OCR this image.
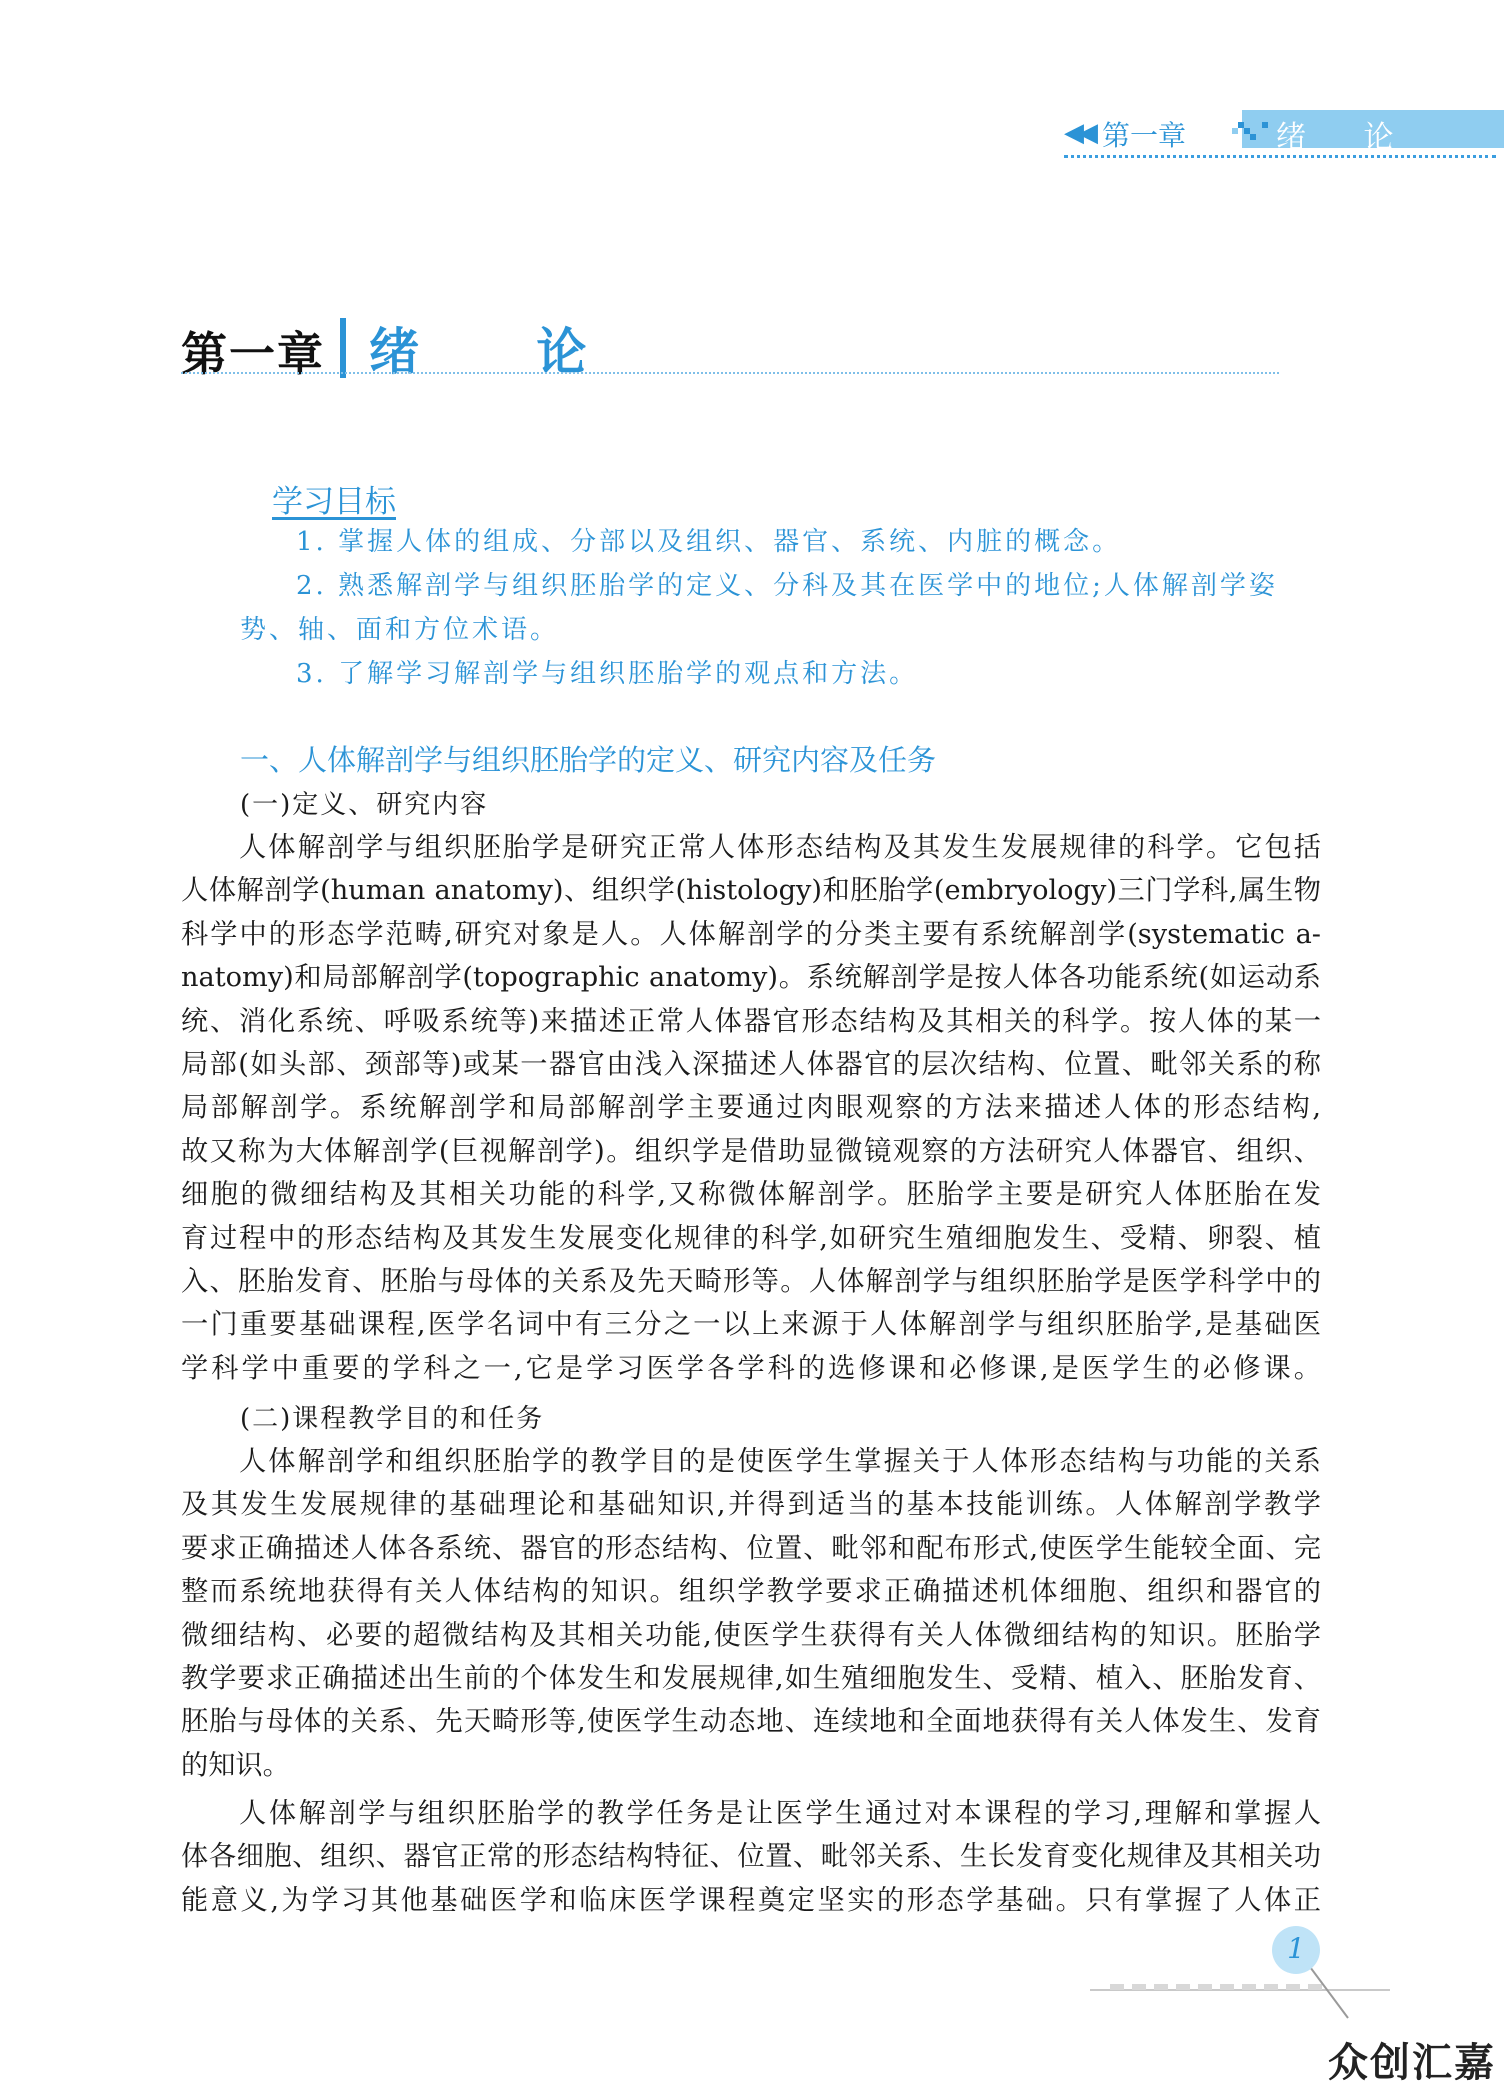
◀◀ 第一章	绪 论
第一章 绪 论
学习目标

1. 掌握人体的组成、分部以及组织、器官、系统、内脏的概念。

2. 熟悉解剖学与组织胚胎学的定义、分科及其在医学中的地位;人体解剖学姿势、轴、面和方位术语。

3. 了解学习解剖学与组织胚胎学的观点和方法。

一、人体解剖学与组织胚胎学的定义、研究内容及任务
(一)定义、研究内容
人体解剖学与组织胚胎学是研究正常人体形态结构及其发生发展规律的科学。它包括
人体解剖学(human anatomy)、组织学(histology)和胚胎学(embryology)三门学科,属生物
科学中的形态学范畴,研究对象是人。人体解剖学的分类主要有系统解剖学(systematic a-
natomy)和局部解剖学(topographic anatomy)。系统解剖学是按人体各功能系统(如运动系
统、消化系统、呼吸系统等)来描述正常人体器官形态结构及其相关的科学。按人体的某一
局部(如头部、颈部等)或某一器官由浅入深描述人体器官的层次结构、位置、毗邻关系的称
局部解剖学。系统解剖学和局部解剖学主要通过肉眼观察的方法来描述人体的形态结构,
故又称为大体解剖学(巨视解剖学)。组织学是借助显微镜观察的方法研究人体器官、组织、
细胞的微细结构及其相关功能的科学,又称微体解剖学。胚胎学主要是研究人体胚胎在发
育过程中的形态结构及其发生发展变化规律的科学,如研究生殖细胞发生、受精、卵裂、植
入、胚胎发育、胚胎与母体的关系及先天畸形等。人体解剖学与组织胚胎学是医学科学中的
一门重要基础课程,医学名词中有三分之一以上来源于人体解剖学与组织胚胎学,是基础医
学科学中重要的学科之一,它是学习医学各学科的选修课和必修课,是医学生的必修课。
(二)课程教学目的和任务
人体解剖学和组织胚胎学的教学目的是使医学生掌握关于人体形态结构与功能的关系
及其发生发展规律的基础理论和基础知识,并得到适当的基本技能训练。人体解剖学教学
要求正确描述人体各系统、器官的形态结构、位置、毗邻和配布形式,使医学生能较全面、完
整而系统地获得有关人体结构的知识。组织学教学要求正确描述机体细胞、组织和器官的
微细结构、必要的超微结构及其相关功能,使医学生获得有关人体微细结构的知识。胚胎学
教学要求正确描述出生前的个体发生和发展规律,如生殖细胞发生、受精、植入、胚胎发育、
胚胎与母体的关系、先天畸形等,使医学生动态地、连续地和全面地获得有关人体发生、发育
的知识。
人体解剖学与组织胚胎学的教学任务是让医学生通过对本课程的学习,理解和掌握人
体各细胞、组织、器官正常的形态结构特征、位置、毗邻关系、生长发育变化规律及其相关功
能意义,为学习其他基础医学和临床医学课程奠定坚实的形态学基础。只有掌握了人体正
1
众创汇嘉
